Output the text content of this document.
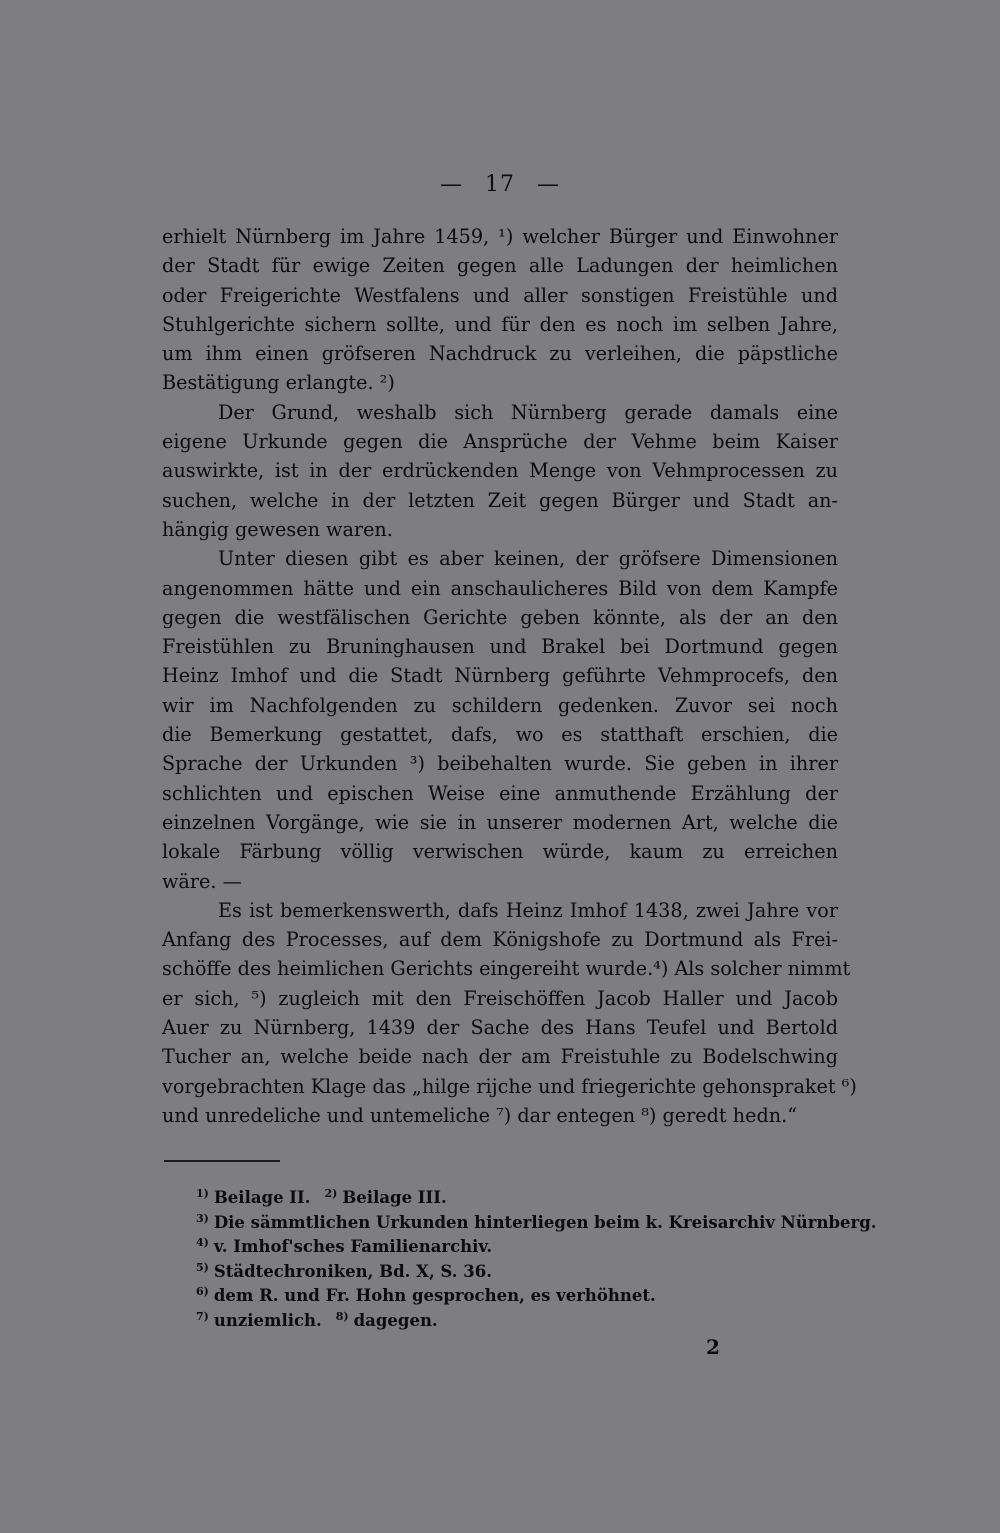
— 17 —
erhielt Nürnberg im Jahre 1459, ¹) welcher Bürger und Einwohner
der Stadt für ewige Zeiten gegen alle Ladungen der heimlichen
oder Freigerichte Westfalens und aller sonstigen Freistühle und
Stuhlgerichte sichern sollte, und für den es noch im selben Jahre,
um ihm einen gröfseren Nachdruck zu verleihen, die päpstliche
Bestätigung erlangte. ²)
Der Grund, weshalb sich Nürnberg gerade damals eine
eigene Urkunde gegen die Ansprüche der Vehme beim Kaiser
auswirkte, ist in der erdrückenden Menge von Vehmprocessen zu
suchen, welche in der letzten Zeit gegen Bürger und Stadt an-
hängig gewesen waren.
Unter diesen gibt es aber keinen, der gröfsere Dimensionen
angenommen hätte und ein anschaulicheres Bild von dem Kampfe
gegen die westfälischen Gerichte geben könnte, als der an den
Freistühlen zu Bruninghausen und Brakel bei Dortmund gegen
Heinz Imhof und die Stadt Nürnberg geführte Vehmprocefs, den
wir im Nachfolgenden zu schildern gedenken. Zuvor sei noch
die Bemerkung gestattet, dafs, wo es statthaft erschien, die
Sprache der Urkunden ³) beibehalten wurde. Sie geben in ihrer
schlichten und epischen Weise eine anmuthende Erzählung der
einzelnen Vorgänge, wie sie in unserer modernen Art, welche die
lokale Färbung völlig verwischen würde, kaum zu erreichen
wäre. —
Es ist bemerkenswerth, dafs Heinz Imhof 1438, zwei Jahre vor
Anfang des Processes, auf dem Königshofe zu Dortmund als Frei-
schöffe des heimlichen Gerichts eingereiht wurde.⁴) Als solcher nimmt
er sich, ⁵) zugleich mit den Freischöffen Jacob Haller und Jacob
Auer zu Nürnberg, 1439 der Sache des Hans Teufel und Bertold
Tucher an, welche beide nach der am Freistuhle zu Bodelschwing
vorgebrachten Klage das „hilge rijche und friegerichte gehonspraket ⁶)
und unredeliche und untemeliche ⁷) dar entegen ⁸) geredt hedn.“
$^{1)}$ Beilage II. $^{2)}$ Beilage III.
$^{3)}$ Die sämmtlichen Urkunden hinterliegen beim k. Kreisarchiv Nürnberg.
$^{4)}$ v. Imhof'sches Familienarchiv.
$^{5)}$ Städtechroniken, Bd. X, S. 36.
$^{6)}$ dem R. und Fr. Hohn gesprochen, es verhöhnet.
$^{7)}$ unziemlich. $^{8)}$ dagegen.
2
